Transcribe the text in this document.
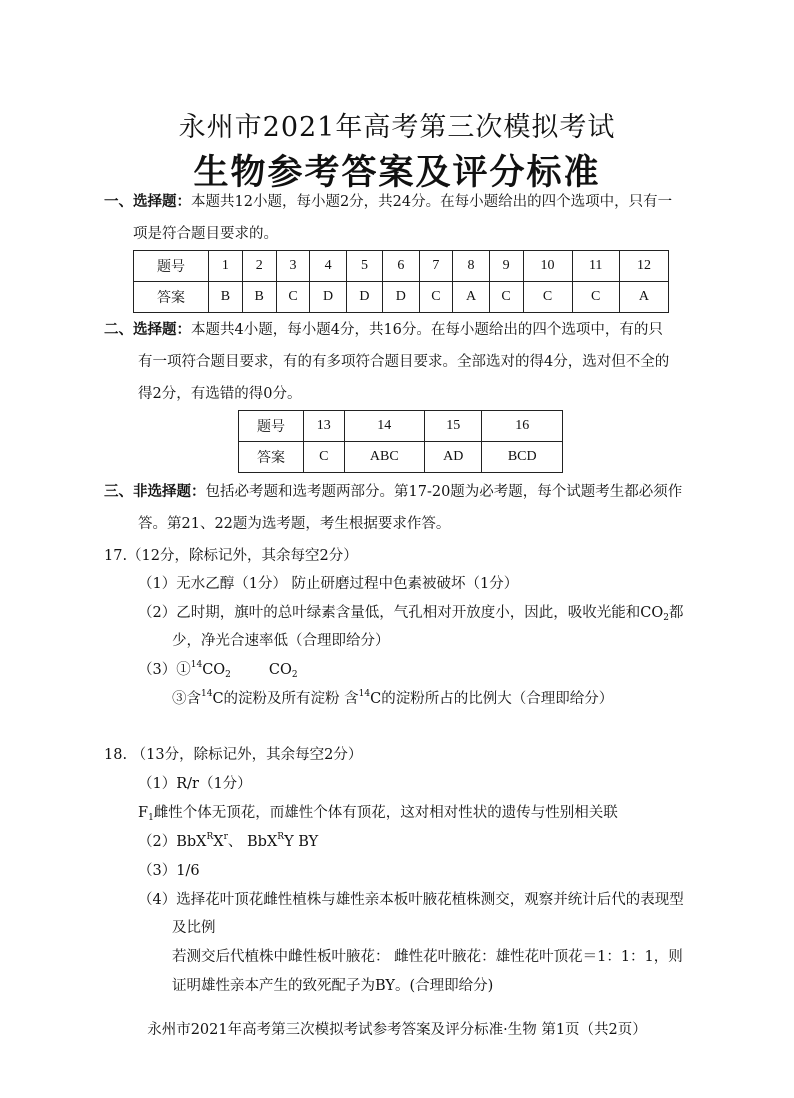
永州市2021年高考第三次模拟考试
生物参考答案及评分标准
一、选择题：本题共12小题，每小题2分，共24分。在每小题给出的四个选项中，只有一
项是符合题目要求的。
题号	1	2	3	4	5	6	7	8	9	10	11	12
答案	B	B	C	D	D	D	C	A	C	C	C	A
二、选择题：本题共4小题，每小题4分，共16分。在每小题给出的四个选项中，有的只
有一项符合题目要求，有的有多项符合题目要求。全部选对的得4分，选对但不全的
得2分，有选错的得0分。
题号	13	14	15	16
答案	C	ABC	AD	BCD
三、非选择题：包括必考题和选考题两部分。第17-20题为必考题，每个试题考生都必须作
答。第21、22题为选考题，考生根据要求作答。
17.（12分，除标记外，其余每空2分）
（1）无水乙醇（1分） 防止研磨过程中色素被破坏（1分）
（2）乙时期，旗叶的总叶绿素含量低，气孔相对开放度小，因此，吸收光能和$CO_2$都
少，净光合速率低（合理即给分）
$(3)①^{14}CO_2$	$CO_2$
③含$^{14}$C的淀粉及所有淀粉 含$^{14}$C的淀粉所占的比例大（合理即给分）
18. （13分，除标记外，其余每空2分）
（1）R/r（1分）
$F_1$雌性个体无顶花，而雄性个体有顶花，这对相对性状的遗传与性别相关联
$(2)BbX^RX^r$、 BbX$^R$Y BY
（3）1/6
（4）选择花叶顶花雌性植株与雄性亲本板叶腋花植株测交，观察并统计后代的表现型
及比例
若测交后代植株中雌性板叶腋花： 雌性花叶腋花：雄性花叶顶花＝1：1：1，则
证明雄性亲本产生的致死配子为BY。(合理即给分)
永州市2021年高考第三次模拟考试参考答案及评分标准·生物 第1页（共2页）
